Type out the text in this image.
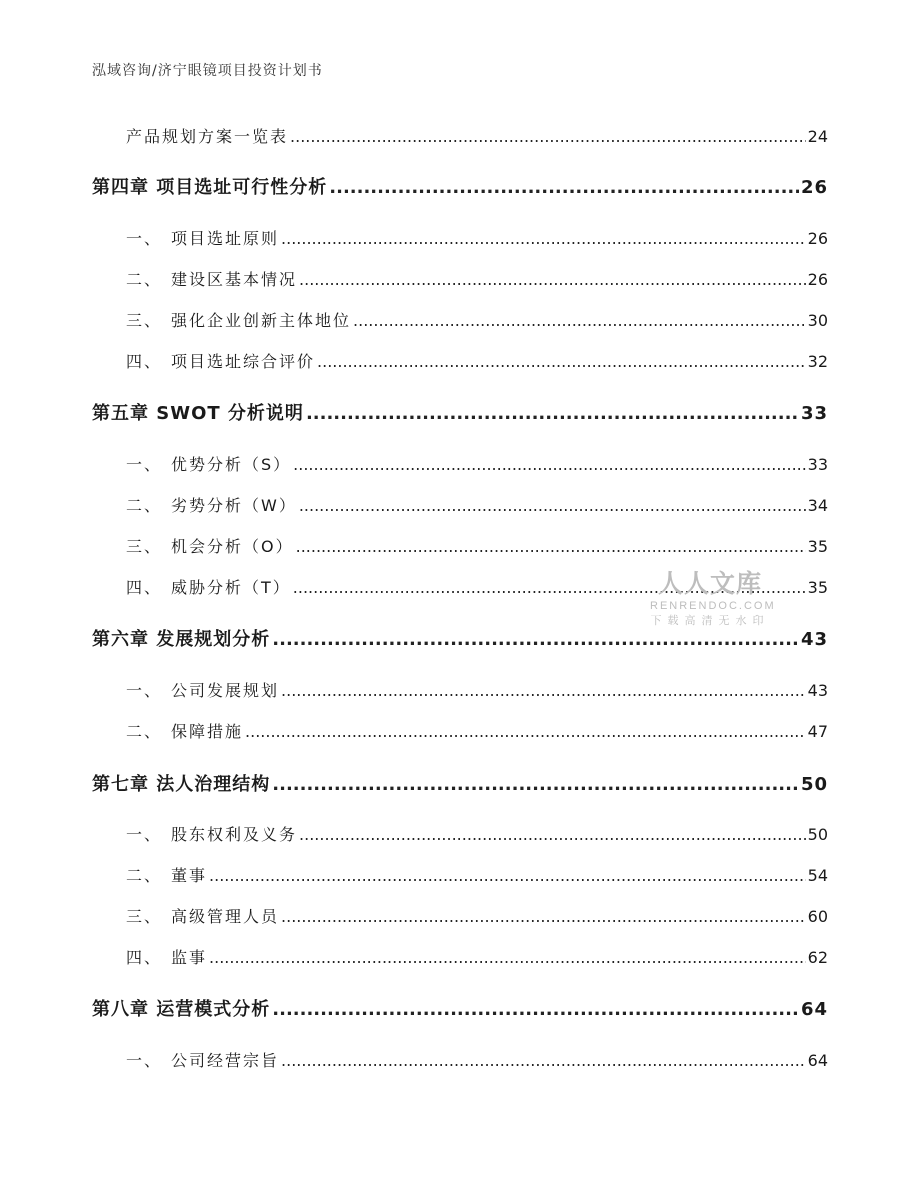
泓域咨询/济宁眼镜项目投资计划书
产品规划方案一览表 .....	24
第四章 项目选址可行性分析 .....	26
一、 项目选址原则 .....	26
二、 建设区基本情况 .....	26
三、 强化企业创新主体地位 .....	30
四、 项目选址综合评价 .....	32
第五章 SWOT 分析说明 .....	33
一、 优势分析（S） .....	33
二、 劣势分析（W） .....	34
三、 机会分析（O） .....	35
四、 威胁分析（T） .....	35
第六章 发展规划分析 .....	43
一、 公司发展规划 .....	43
二、 保障措施 .....	47
第七章 法人治理结构 .....	50
一、 股东权利及义务 .....	50
二、 董事 .....	54
三、 高级管理人员 .....	60
四、 监事 .....	62
第八章 运营模式分析 .....	64
一、 公司经营宗旨 .....	64
人人文库
RENRENDOC.COM
下载高清无水印
